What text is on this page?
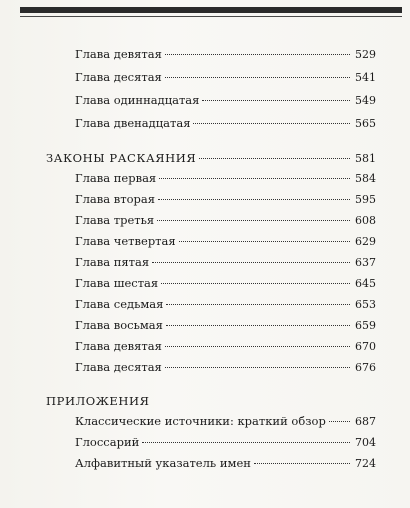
Глава девятая	529
Глава десятая	541
Глава одиннадцатая	549
Глава двенадцатая	565
ЗАКОНЫ РАСКАЯНИЯ	581
Глава первая	584
Глава вторая	595
Глава третья	608
Глава четвертая	629
Глава пятая	637
Глава шестая	645
Глава седьмая	653
Глава восьмая	659
Глава девятая	670
Глава десятая	676
ПРИЛОЖЕНИЯ
Классические источники: краткий обзор	687
Глоссарий	704
Алфавитный указатель имен	724
